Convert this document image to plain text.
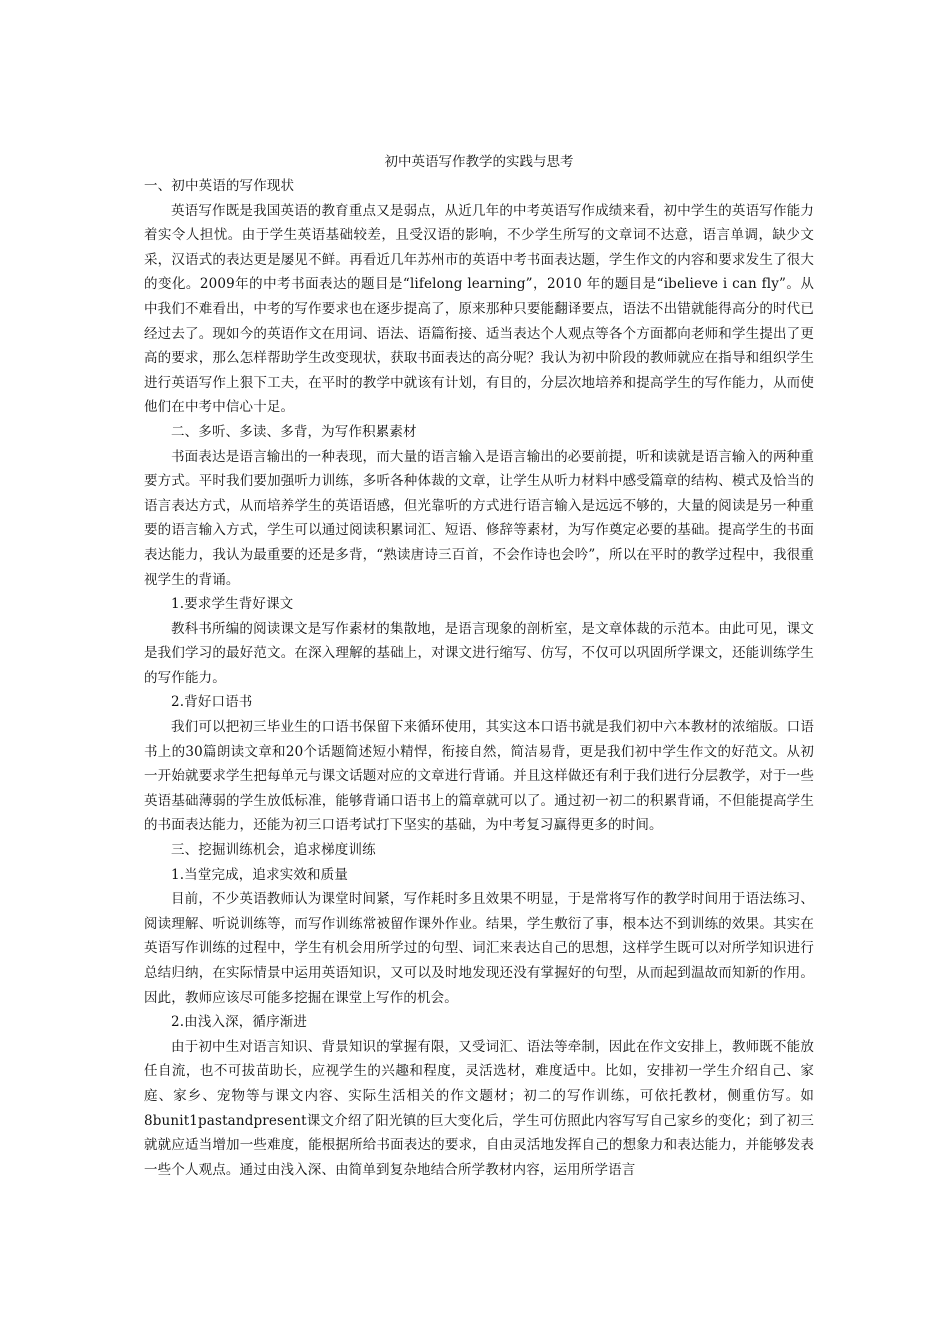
初中英语写作教学的实践与思考

一、初中英语的写作现状

英语写作既是我国英语的教育重点又是弱点，从近几年的中考英语写作成绩来看，初中学生的英语写作能力着实令人担忧。由于学生英语基础较差，且受汉语的影响，不少学生所写的文章词不达意，语言单调，缺少文采，汉语式的表达更是屡见不鲜。再看近几年苏州市的英语中考书面表达题，学生作文的内容和要求发生了很大的变化。2009年的中考书面表达的题目是“lifelong learning”，2010 年的题目是“ibelieve i can fly”。从中我们不难看出，中考的写作要求也在逐步提高了，原来那种只要能翻译要点，语法不出错就能得高分的时代已经过去了。现如今的英语作文在用词、语法、语篇衔接、适当表达个人观点等各个方面都向老师和学生提出了更高的要求，那么怎样帮助学生改变现状，获取书面表达的高分呢？我认为初中阶段的教师就应在指导和组织学生进行英语写作上狠下工夫，在平时的教学中就该有计划，有目的，分层次地培养和提高学生的写作能力，从而使他们在中考中信心十足。

二、多听、多读、多背，为写作积累素材

书面表达是语言输出的一种表现，而大量的语言输入是语言输出的必要前提，听和读就是语言输入的两种重要方式。平时我们要加强听力训练，多听各种体裁的文章，让学生从听力材料中感受篇章的结构、模式及恰当的语言表达方式，从而培养学生的英语语感，但光靠听的方式进行语言输入是远远不够的，大量的阅读是另一种重要的语言输入方式，学生可以通过阅读积累词汇、短语、修辞等素材，为写作奠定必要的基础。提高学生的书面表达能力，我认为最重要的还是多背，“熟读唐诗三百首，不会作诗也会吟”，所以在平时的教学过程中，我很重视学生的背诵。

1.要求学生背好课文

教科书所编的阅读课文是写作素材的集散地，是语言现象的剖析室，是文章体裁的示范本。由此可见，课文是我们学习的最好范文。在深入理解的基础上，对课文进行缩写、仿写，不仅可以巩固所学课文，还能训练学生的写作能力。

2.背好口语书

我们可以把初三毕业生的口语书保留下来循环使用，其实这本口语书就是我们初中六本教材的浓缩版。口语书上的30篇朗读文章和20个话题简述短小精悍，衔接自然，简洁易背，更是我们初中学生作文的好范文。从初一开始就要求学生把每单元与课文话题对应的文章进行背诵。并且这样做还有利于我们进行分层教学，对于一些英语基础薄弱的学生放低标准，能够背诵口语书上的篇章就可以了。通过初一初二的积累背诵，不但能提高学生的书面表达能力，还能为初三口语考试打下坚实的基础，为中考复习赢得更多的时间。

三、挖掘训练机会，追求梯度训练

1.当堂完成，追求实效和质量

目前，不少英语教师认为课堂时间紧，写作耗时多且效果不明显，于是常将写作的教学时间用于语法练习、阅读理解、听说训练等，而写作训练常被留作课外作业。结果，学生敷衍了事，根本达不到训练的效果。其实在英语写作训练的过程中，学生有机会用所学过的句型、词汇来表达自己的思想，这样学生既可以对所学知识进行总结归纳，在实际情景中运用英语知识，又可以及时地发现还没有掌握好的句型，从而起到温故而知新的作用。因此，教师应该尽可能多挖掘在课堂上写作的机会。

2.由浅入深，循序渐进

由于初中生对语言知识、背景知识的掌握有限，又受词汇、语法等牵制，因此在作文安排上，教师既不能放任自流，也不可拔苗助长，应视学生的兴趣和程度，灵活选材，难度适中。比如，安排初一学生介绍自己、家庭、家乡、宠物等与课文内容、实际生活相关的作文题材；初二的写作训练，可依托教材，侧重仿写。如8bunit1pastandpresent课文介绍了阳光镇的巨大变化后，学生可仿照此内容写写自己家乡的变化；到了初三就就应适当增加一些难度，能根据所给书面表达的要求，自由灵活地发挥自己的想象力和表达能力，并能够发表一些个人观点。通过由浅入深、由简单到复杂地结合所学教材内容，运用所学语言
